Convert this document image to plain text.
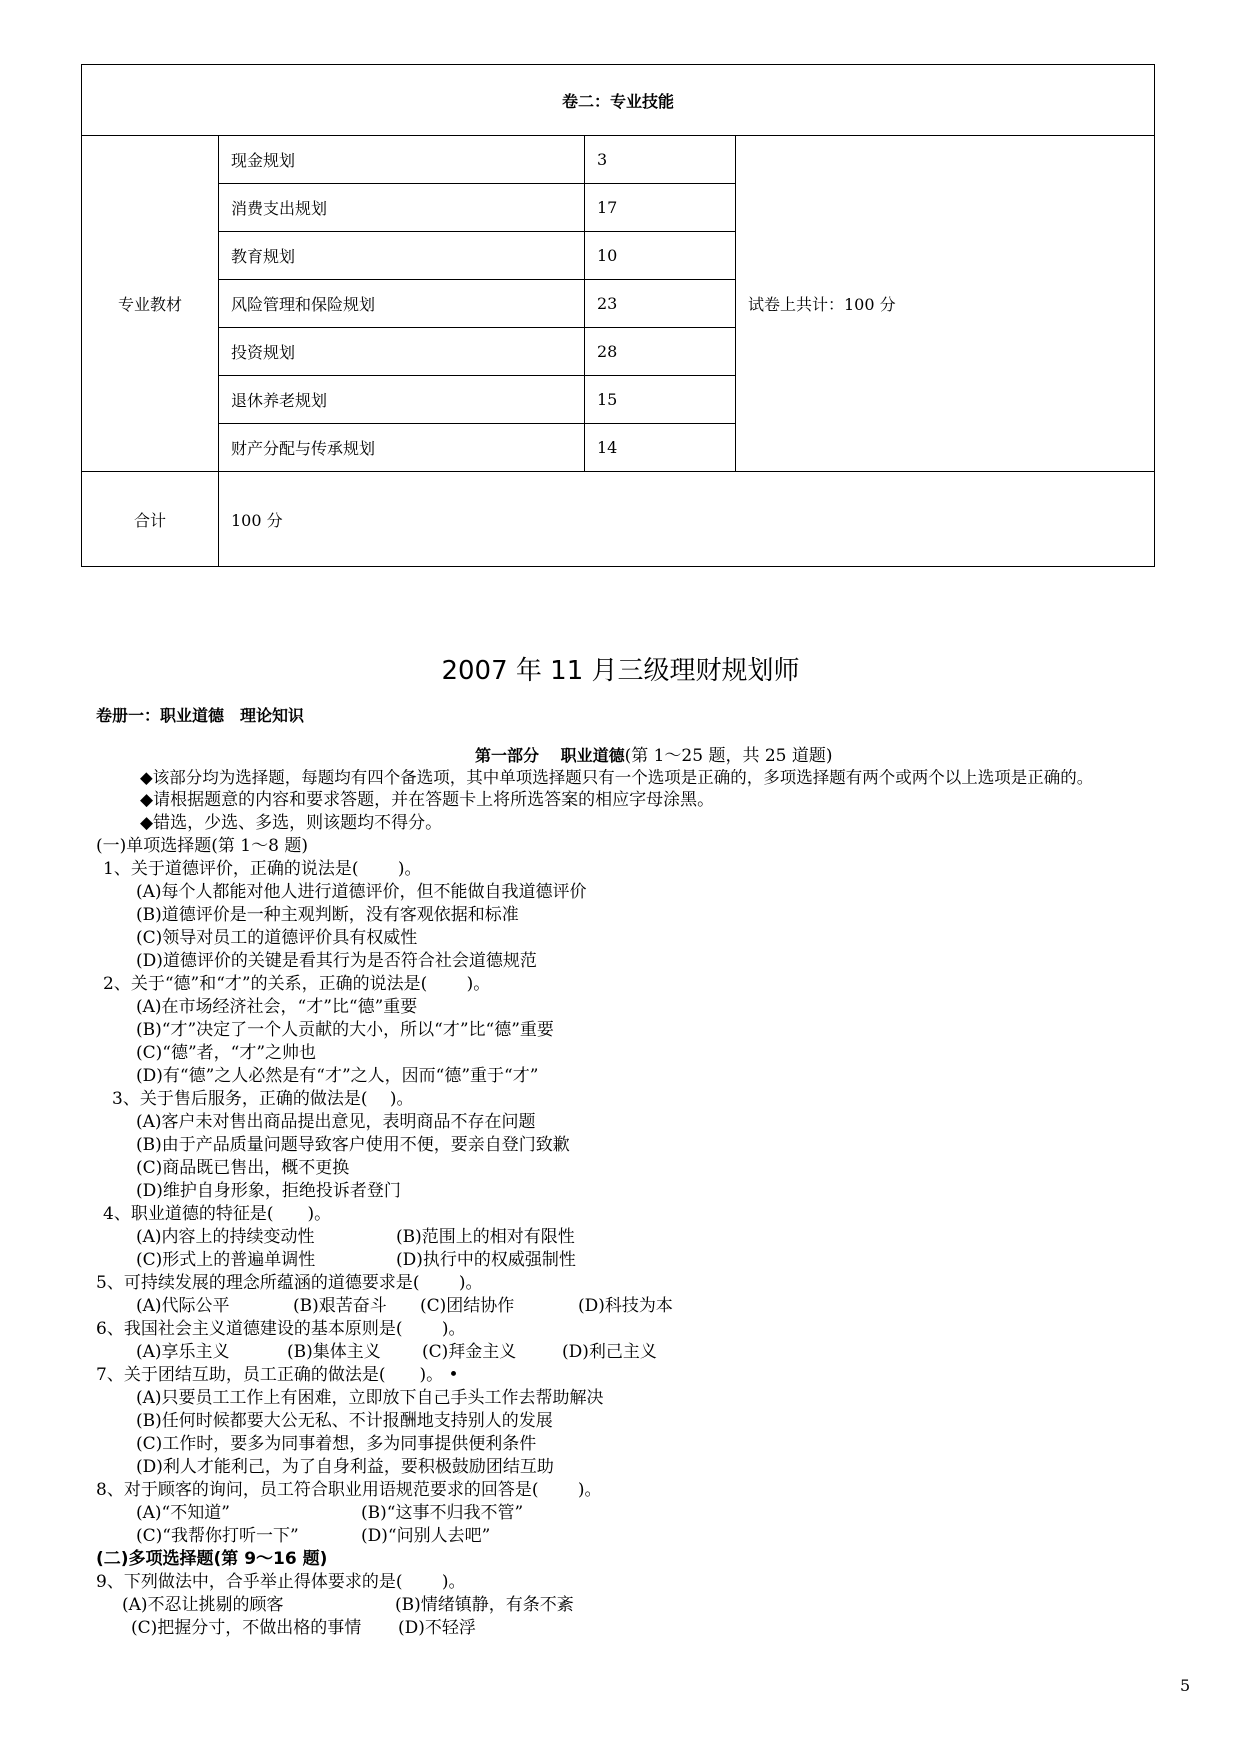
卷二：专业技能			
专业教材	现金规划	3	试卷上共计：100 分
	消费支出规划	17	
	教育规划	10	
	风险管理和保险规划	23	
	投资规划	28	
	退休养老规划	15	
	财产分配与传承规划	14	
合计	100 分		
2007 年 11 月三级理财规划师
卷册一：职业道德　理论知识
第一部分　 职业道德(第 1～25 题，共 25 道题)
◆该部分均为选择题，每题均有四个备选项，其中单项选择题只有一个选项是正确的，多项选择题有两个或两个以上选项是正确的。
◆请根据题意的内容和要求答题，并在答题卡上将所选答案的相应字母涂黑。
◆错选，少选、多选，则该题均不得分。
(一)单项选择题(第 1～8 题)
1、关于道德评价，正确的说法是(　　 )。
(A)每个人都能对他人进行道德评价，但不能做自我道德评价
(B)道德评价是一种主观判断，没有客观依据和标准
(C)领导对员工的道德评价具有权威性
(D)道德评价的关键是看其行为是否符合社会道德规范
2、关于“德”和“才”的关系，正确的说法是(　　 )。
(A)在市场经济社会，“才”比“德”重要
(B)“才”决定了一个人贡献的大小，所以“才”比“德”重要
(C)“德”者，“才”之帅也
(D)有“德”之人必然是有“才”之人，因而“德”重于“才”
3、关于售后服务，正确的做法是(　 )。
(A)客户未对售出商品提出意见，表明商品不存在问题
(B)由于产品质量问题导致客户使用不便，要亲自登门致歉
(C)商品既已售出，概不更换
(D)维护自身形象，拒绝投诉者登门
4、职业道德的特征是(　　)。
(A)内容上的持续变动性	(B)范围上的相对有限性
(C)形式上的普遍单调性	(D)执行中的权威强制性
5、可持续发展的理念所蕴涵的道德要求是(　　 )。
(A)代际公平	(B)艰苦奋斗 (C)团结协作	(D)科技为本
6、我国社会主义道德建设的基本原则是(　　 )。
(A)享乐主义	(B)集体主义 (C)拜金主义	(D)利己主义
7、关于团结互助，员工正确的做法是(　　)。 •
(A)只要员工工作上有困难，立即放下自己手头工作去帮助解决
(B)任何时候都要大公无私、不计报酬地支持别人的发展
(C)工作时，要多为同事着想，多为同事提供便利条件
(D)利人才能利己，为了自身利益，要积极鼓励团结互助
8、对于顾客的询问，员工符合职业用语规范要求的回答是(　　 )。
(A)“不知道”	(B)“这事不归我不管”
(C)“我帮你打听一下”	(D)“问别人去吧”
(二)多项选择题(第 9～16 题)
9、下列做法中，合乎举止得体要求的是(　　 )。
(A)不忍让挑剔的顾客	(B)情绪镇静，有条不紊
(C)把握分寸，不做出格的事情 (D)不轻浮
5
